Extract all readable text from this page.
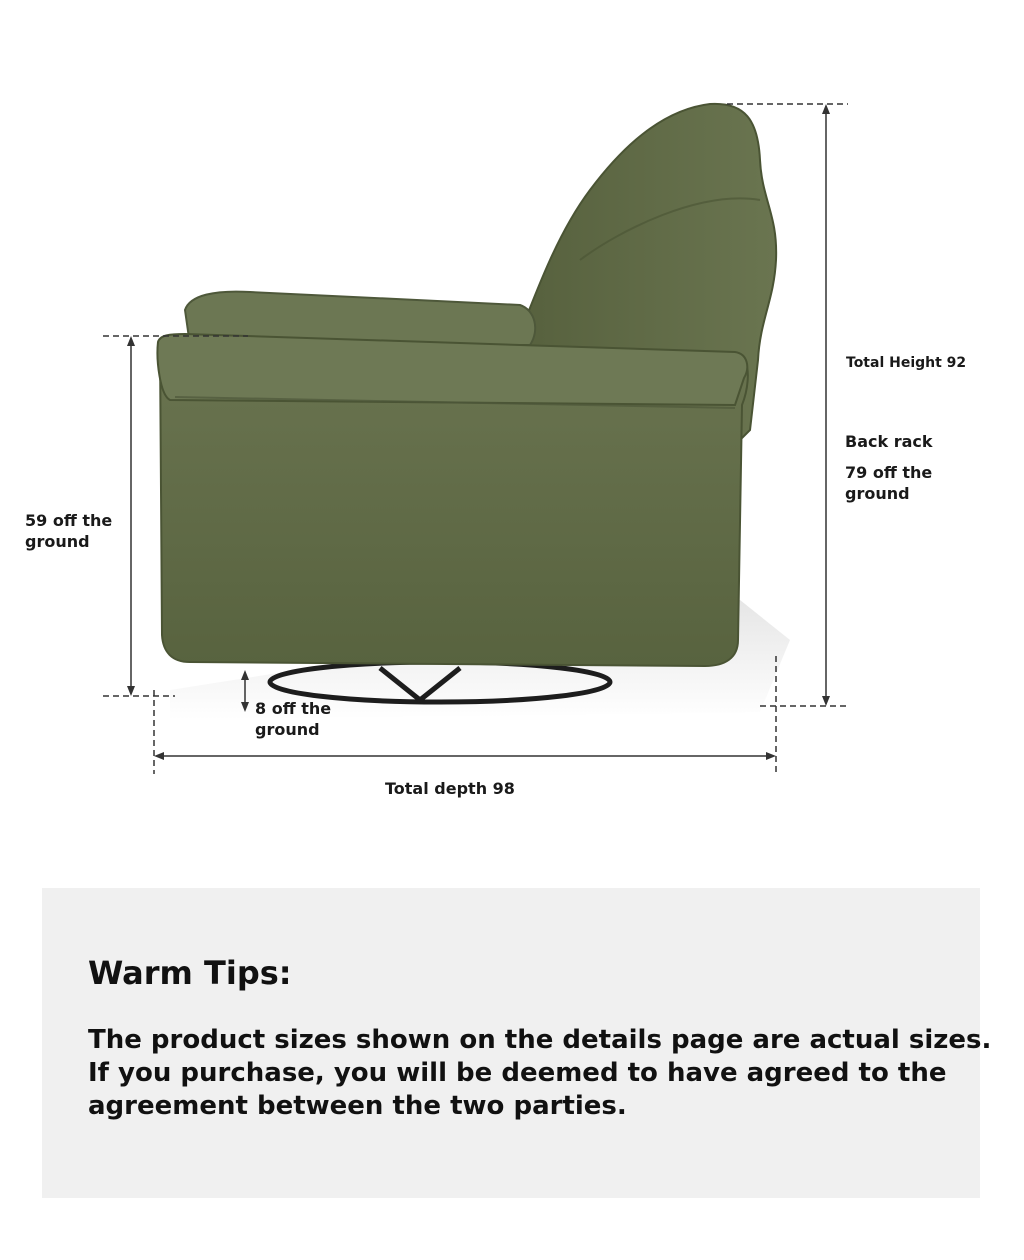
Total Height 92
Back rack
79 off the
ground
59 off the
ground
8 off the
ground
Total depth 98
Warm Tips:
The product sizes shown on the details page are actual sizes.
If you purchase, you will be deemed to have agreed to the
agreement between the two parties.
